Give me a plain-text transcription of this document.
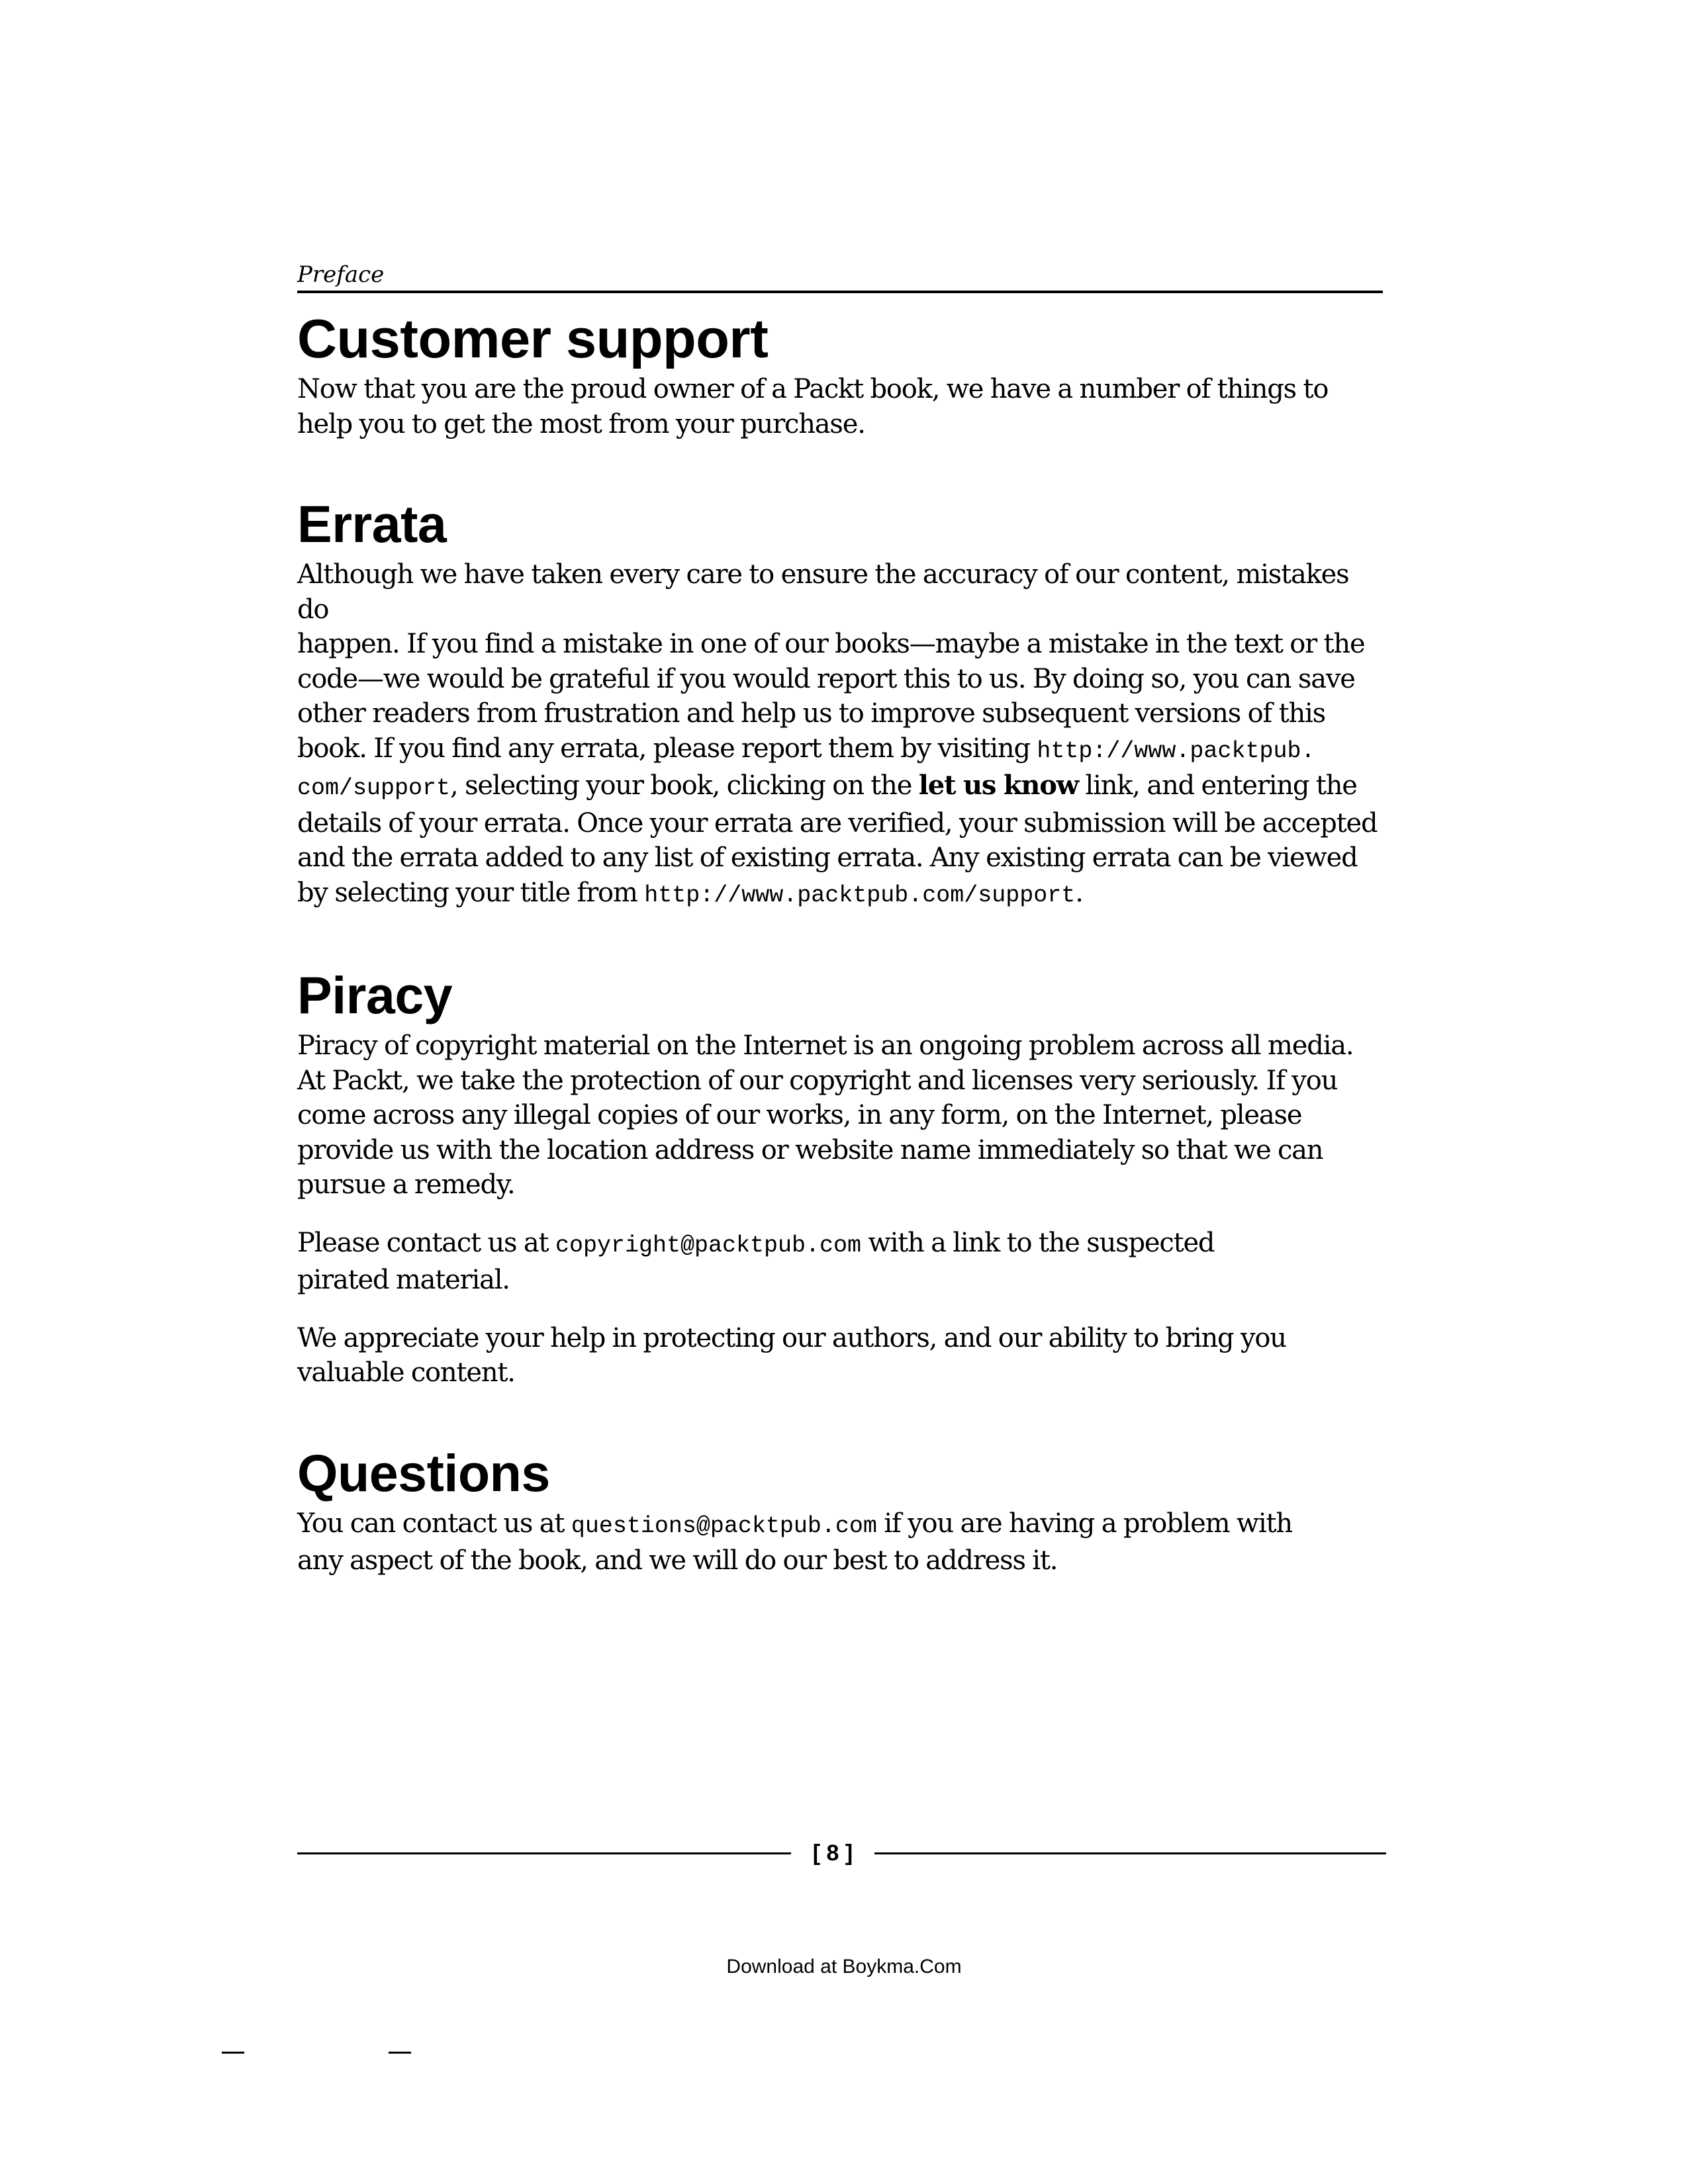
Preface
Customer support

Now that you are the proud owner of a Packt book, we have a number of things to
help you to get the most from your purchase.

Errata

Although we have taken every care to ensure the accuracy of our content, mistakes do
happen. If you find a mistake in one of our books—maybe a mistake in the text or the
code—we would be grateful if you would report this to us. By doing so, you can save
other readers from frustration and help us to improve subsequent versions of this
book. If you find any errata, please report them by visiting http://www.packtpub.
com/support, selecting your book, clicking on the let us know link, and entering the
details of your errata. Once your errata are verified, your submission will be accepted
and the errata added to any list of existing errata. Any existing errata can be viewed
by selecting your title from http://www.packtpub.com/support.

Piracy

Piracy of copyright material on the Internet is an ongoing problem across all media.
At Packt, we take the protection of our copyright and licenses very seriously. If you
come across any illegal copies of our works, in any form, on the Internet, please
provide us with the location address or website name immediately so that we can
pursue a remedy.

Please contact us at copyright@packtpub.com with a link to the suspected
pirated material.

We appreciate your help in protecting our authors, and our ability to bring you
valuable content.

Questions

You can contact us at questions@packtpub.com if you are having a problem with
any aspect of the book, and we will do our best to address it.

[ 8 ]
Download at Boykma.Com
